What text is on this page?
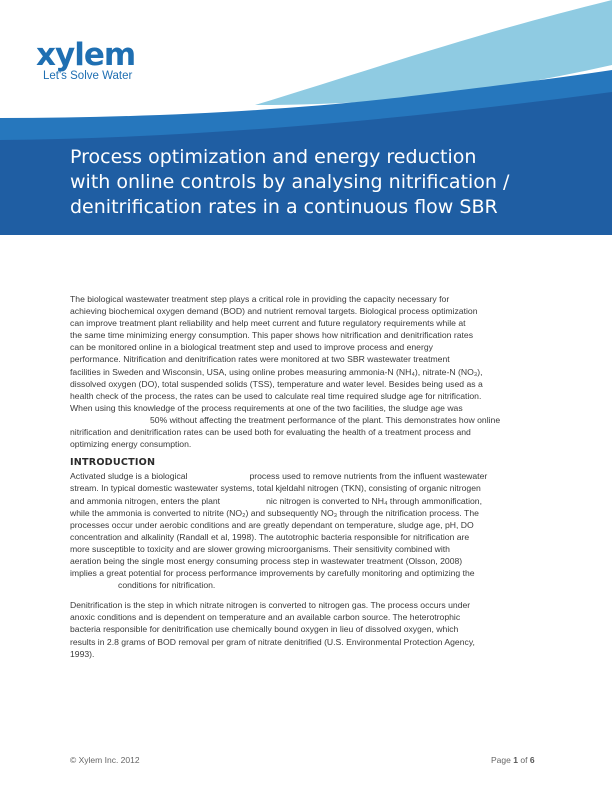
xylem
Let's Solve Water
Process optimization and energy reduction
with online controls by analysing nitrification /
denitrification rates in a continuous flow SBR

The biological wastewater treatment step plays a critical role in providing the capacity necessary for
achieving biochemical oxygen demand (BOD) and nutrient removal targets. Biological process optimization
can improve treatment plant reliability and help meet current and future regulatory requirements while at
the same time minimizing energy consumption. This paper shows how nitrification and denitrification rates
can be monitored online in a biological treatment step and used to improve process and energy
performance. Nitrification and denitrification rates were monitored at two SBR wastewater treatment
facilities in Sweden and Wisconsin, USA, using online probes measuring ammonia-N (NH₄), nitrate-N (NO₃),
dissolved oxygen (DO), total suspended solids (TSS), temperature and water level. Besides being used as a
health check of the process, the rates can be used to calculate real time required sludge age for nitrification.
When using this knowledge of the process requirements at one of the two facilities, the sludge age was
50% without affecting the treatment performance of the plant. This demonstrates how online
nitrification and denitrification rates can be used both for evaluating the health of a treatment process and
optimizing energy consumption.

INTRODUCTION

Activated sludge is a biological	process used to remove nutrients from the influent wastewater
stream. In typical domestic wastewater systems, total kjeldahl nitrogen (TKN), consisting of organic nitrogen
and ammonia nitrogen, enters the plant	nic nitrogen is converted to NH₄ through ammonification,
while the ammonia is converted to nitrite (NO₂) and subsequently NO₃ through the nitrification process. The
processes occur under aerobic conditions and are greatly dependant on temperature, sludge age, pH, DO
concentration and alkalinity (Randall et al, 1998). The autotrophic bacteria responsible for nitrification are
more susceptible to toxicity and are slower growing microorganisms. Their sensitivity combined with
aeration being the single most energy consuming process step in wastewater treatment (Olsson, 2008)
implies a great potential for process performance improvements by carefully monitoring and optimizing the
conditions for nitrification.

Denitrification is the step in which nitrate nitrogen is converted to nitrogen gas. The process occurs under
anoxic conditions and is dependent on temperature and an available carbon source. The heterotrophic
bacteria responsible for denitrification use chemically bound oxygen in lieu of dissolved oxygen, which
results in 2.8 grams of BOD removal per gram of nitrate denitrified (U.S. Environmental Protection Agency,
1993).

© Xylem Inc. 2012	Page 1 of 6
